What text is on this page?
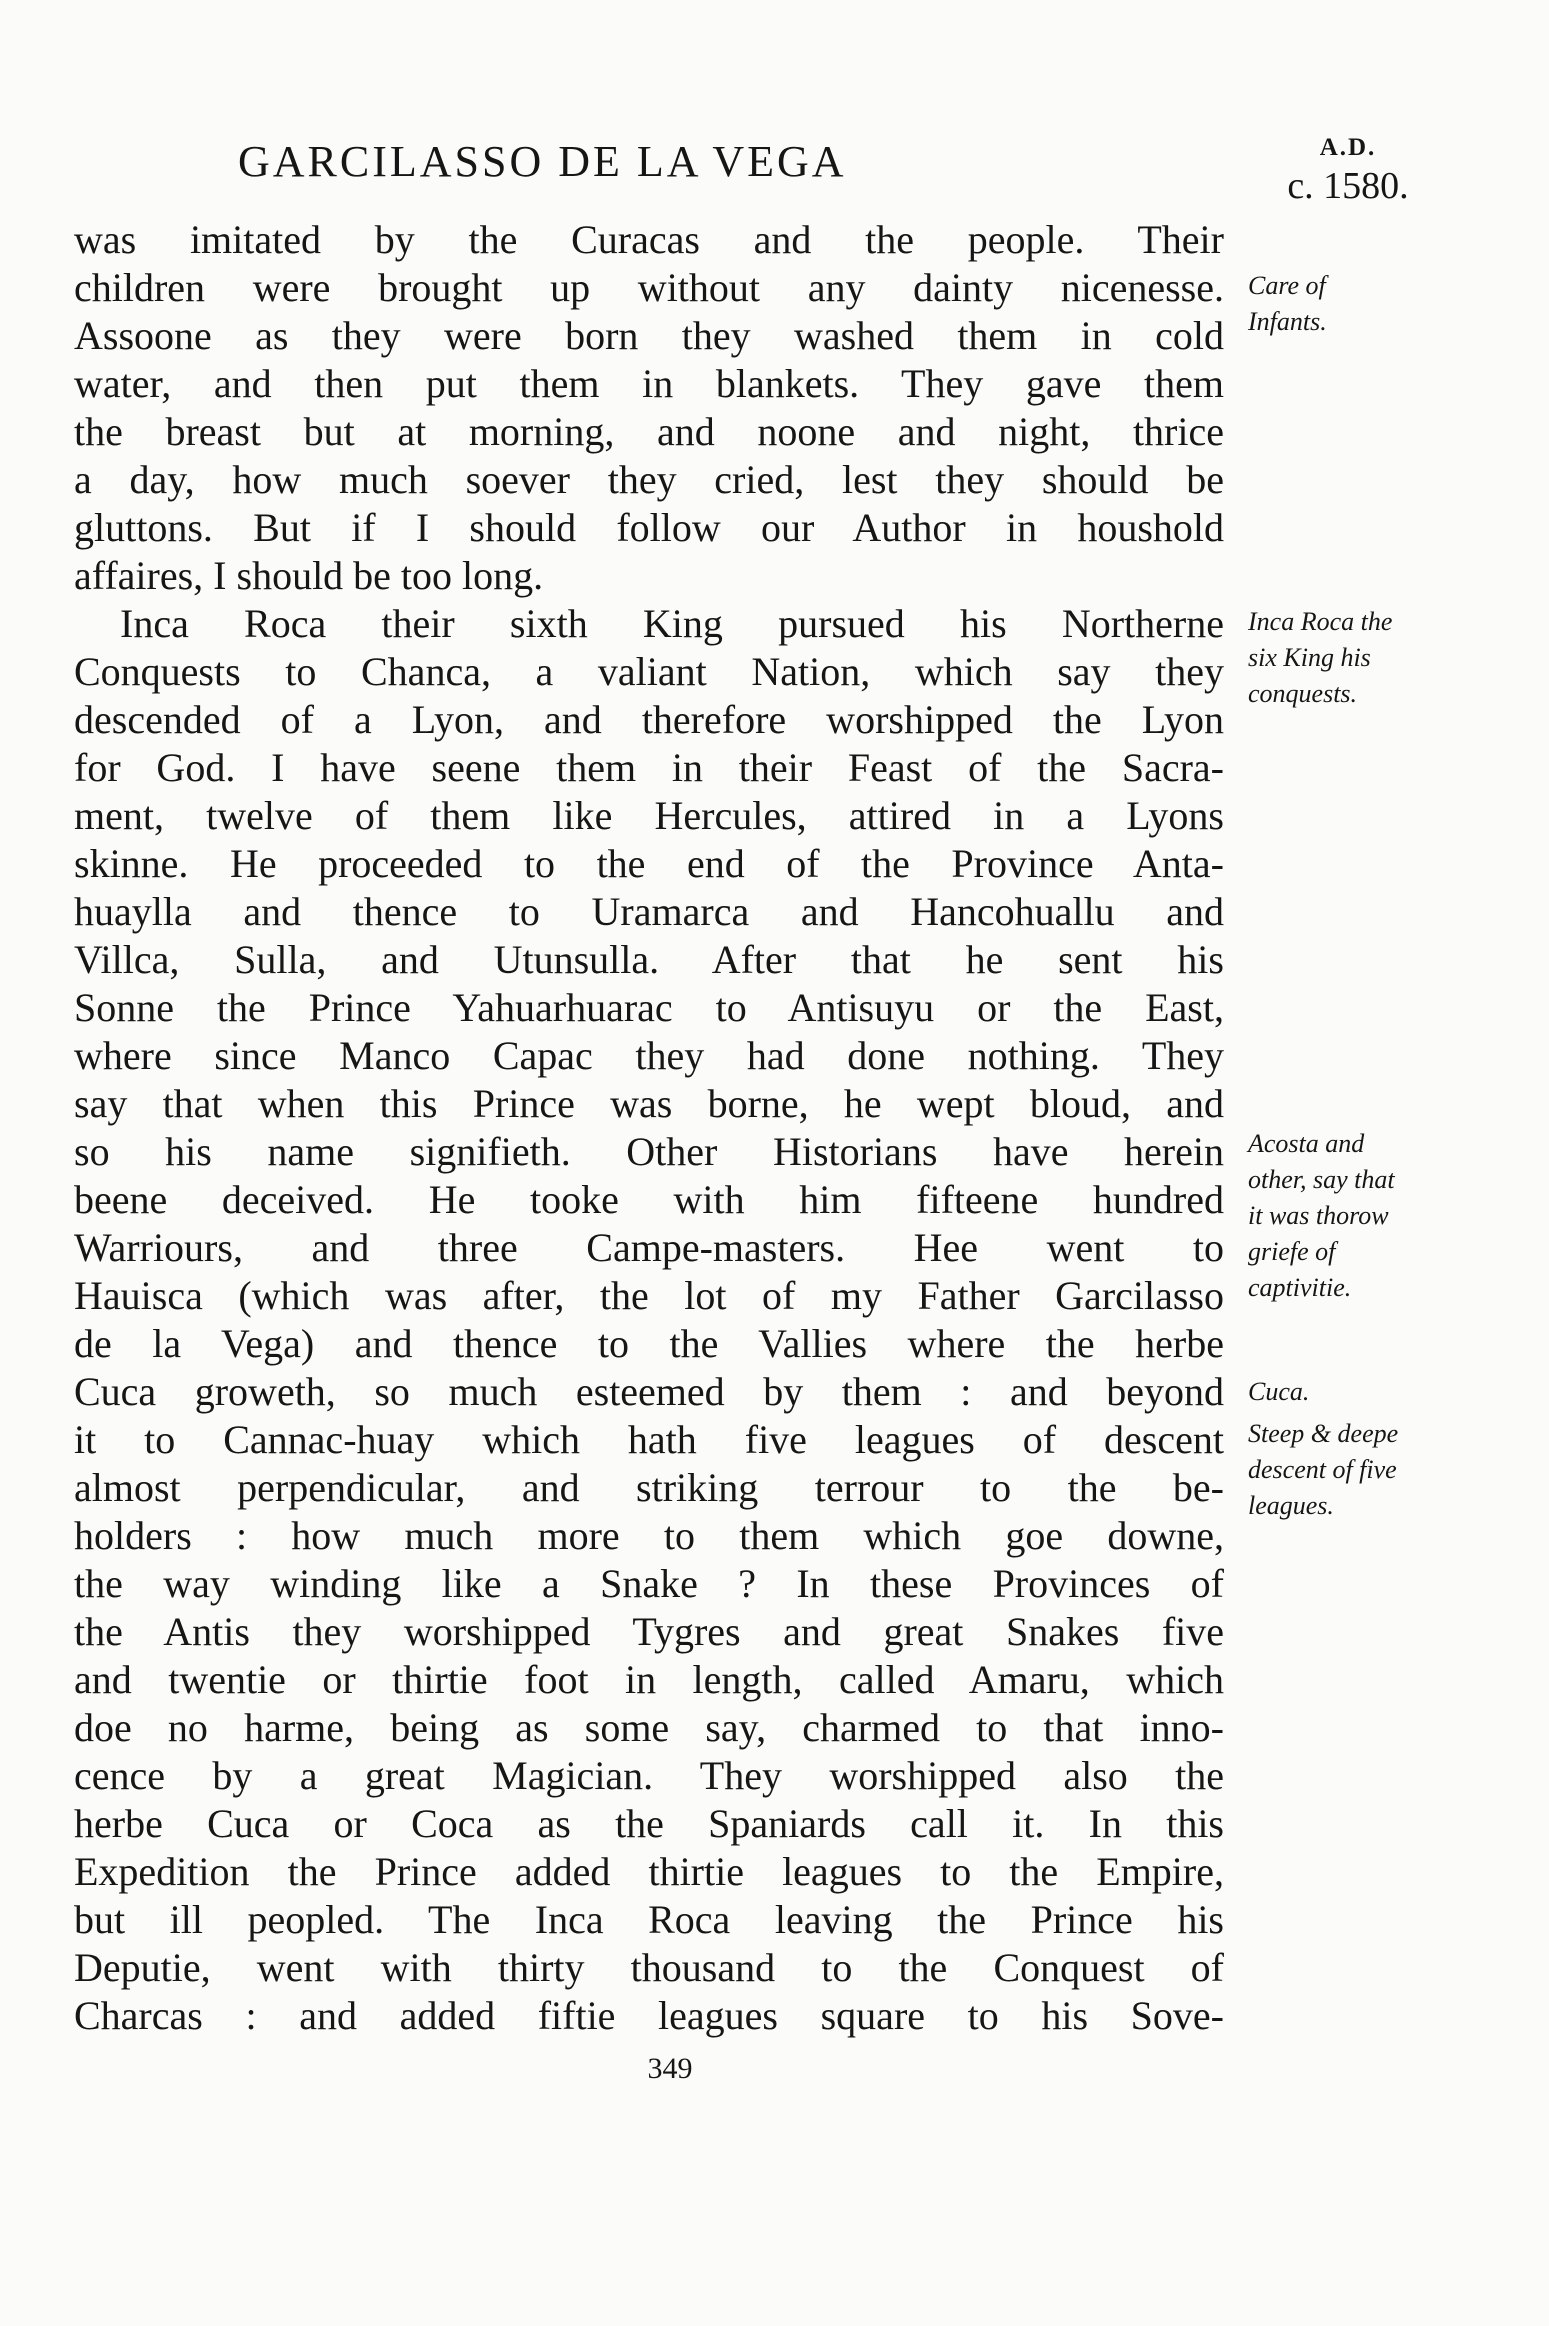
GARCILASSO DE LA VEGA	A.D.
c. 1580.
was imitated by the Curacas and the people. Their
children were brought up without any dainty nicenesse.
Assoone as they were born they washed them in cold
water, and then put them in blankets. They gave them
the breast but at morning, and noone and night, thrice
a day, how much soever they cried, lest they should be
gluttons. But if I should follow our Author in houshold
affaires, I should be too long.
Inca Roca their sixth King pursued his Northerne
Conquests to Chanca, a valiant Nation, which say they
descended of a Lyon, and therefore worshipped the Lyon
for God. I have seene them in their Feast of the Sacra-
ment, twelve of them like Hercules, attired in a Lyons
skinne. He proceeded to the end of the Province Anta-
huaylla and thence to Uramarca and Hancohuallu and
Villca, Sulla, and Utunsulla. After that he sent his
Sonne the Prince Yahuarhuarac to Antisuyu or the East,
where since Manco Capac they had done nothing. They
say that when this Prince was borne, he wept bloud, and
so his name signifieth. Other Historians have herein
beene deceived. He tooke with him fifteene hundred
Warriours, and three Campe-masters. Hee went to
Hauisca (which was after, the lot of my Father Garcilasso
de la Vega) and thence to the Vallies where the herbe
Cuca groweth, so much esteemed by them : and beyond
it to Cannac-huay which hath five leagues of descent
almost perpendicular, and striking terrour to the be-
holders : how much more to them which goe downe,
the way winding like a Snake ? In these Provinces of
the Antis they worshipped Tygres and great Snakes five
and twentie or thirtie foot in length, called Amaru, which
doe no harme, being as some say, charmed to that inno-
cence by a great Magician. They worshipped also the
herbe Cuca or Coca as the Spaniards call it. In this
Expedition the Prince added thirtie leagues to the Empire,
but ill peopled. The Inca Roca leaving the Prince his
Deputie, went with thirty thousand to the Conquest of
Charcas : and added fiftie leagues square to his Sove-
Care of
Infants.
Inca Roca the
six King his
conquests.
Acosta and
other, say that
it was thorow
griefe of
captivitie.
Cuca.
Steep & deepe
descent of five
leagues.
349
